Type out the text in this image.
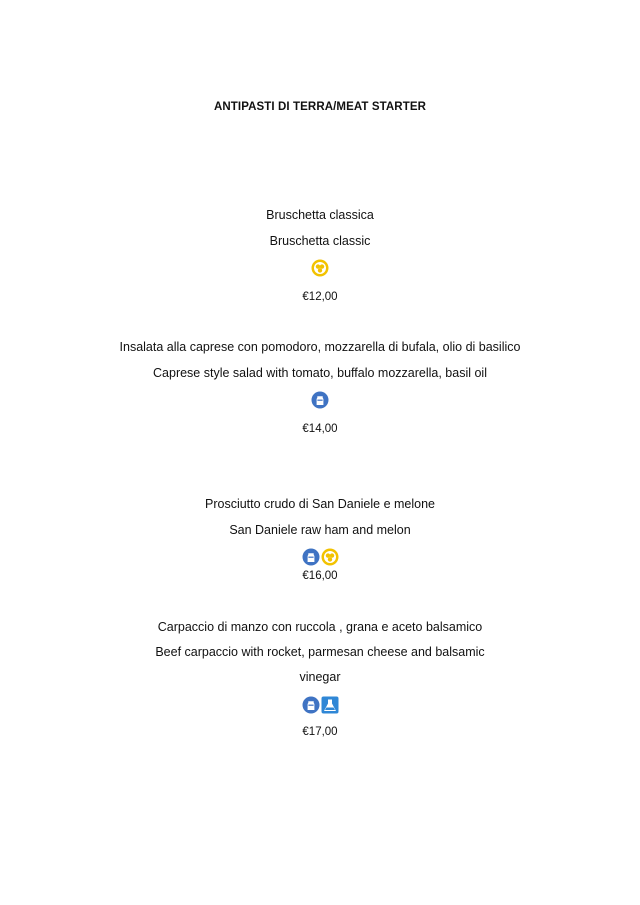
ANTIPASTI DI TERRA/MEAT STARTER
Bruschetta classica
Bruschetta classic
€12,00
Insalata alla caprese con pomodoro, mozzarella di bufala, olio di basilico
Caprese style salad with tomato, buffalo mozzarella, basil oil
€14,00
Prosciutto crudo di San Daniele e melone
San Daniele raw ham and melon
€16,00
Carpaccio di manzo con ruccola , grana e aceto balsamico
Beef carpaccio with rocket, parmesan cheese and balsamic
vinegar
€17,00
